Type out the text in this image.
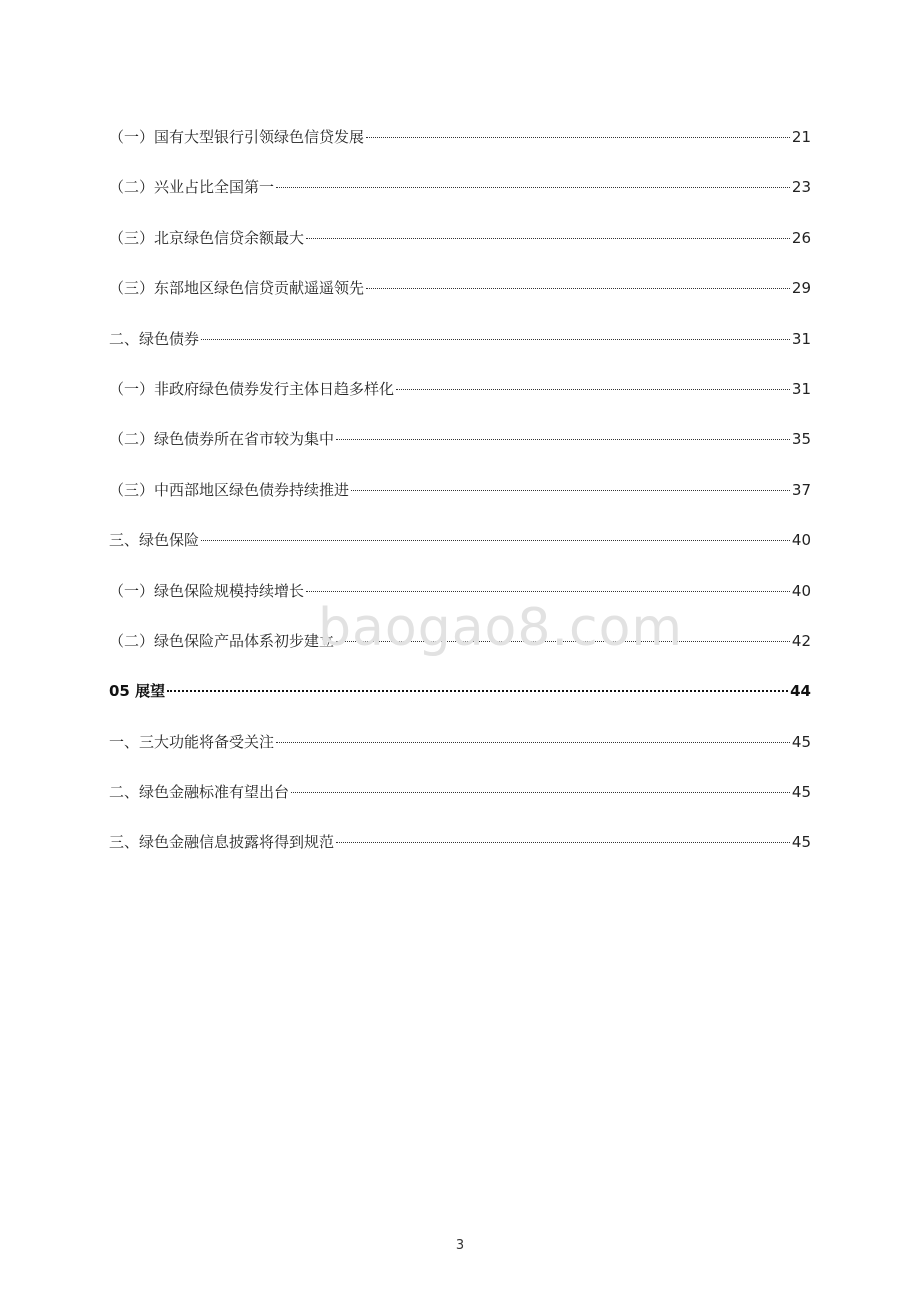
（一）国有大型银行引领绿色信贷发展	21
（二）兴业占比全国第一	23
（三）北京绿色信贷余额最大	26
（三）东部地区绿色信贷贡献遥遥领先	29
二、绿色债券	31
（一）非政府绿色债券发行主体日趋多样化	31
（二）绿色债券所在省市较为集中	35
（三）中西部地区绿色债券持续推进	37
三、绿色保险	40
（一）绿色保险规模持续增长	40
（二）绿色保险产品体系初步建立	42
05 展望	44
一、三大功能将备受关注	45
二、绿色金融标准有望出台	45
三、绿色金融信息披露将得到规范	45
baogao8.com
3
